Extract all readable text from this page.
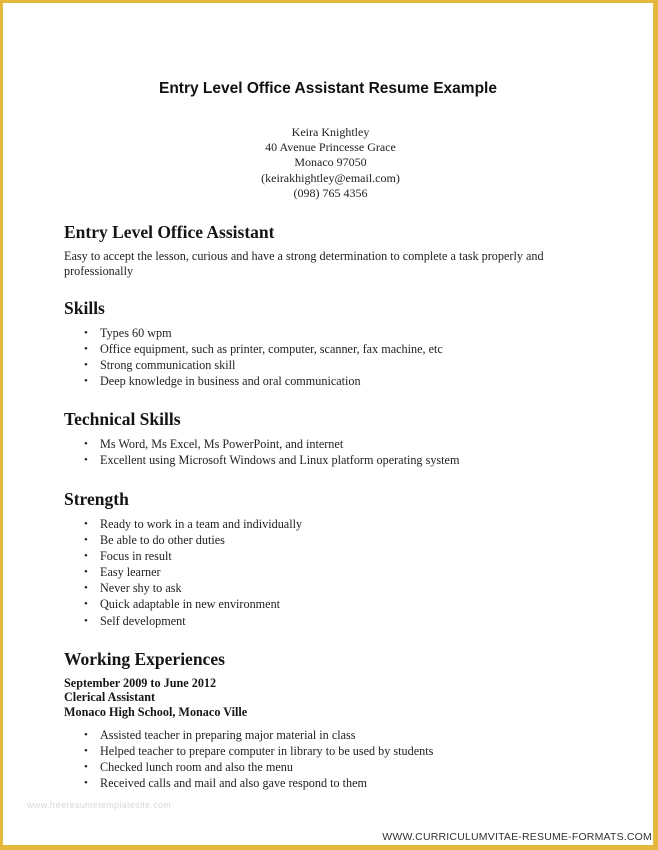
Entry Level Office Assistant Resume Example
Keira Knightley
40 Avenue Princesse Grace
Monaco 97050
(keirakhightley@email.com)
(098) 765 4356
Entry Level Office Assistant
Easy to accept the lesson, curious and have a strong determination to complete a task properly and professionally
Skills
• Types 60 wpm
• Office equipment, such as printer, computer, scanner, fax machine, etc
• Strong communication skill
• Deep knowledge in business and oral communication
Technical Skills
• Ms Word, Ms Excel, Ms PowerPoint, and internet
• Excellent using Microsoft Windows and Linux platform operating system
Strength
• Ready to work in a team and individually
• Be able to do other duties
• Focus in result
• Easy learner
• Never shy to ask
• Quick adaptable in new environment
• Self development
Working Experiences
September 2009 to June 2012
Clerical Assistant
Monaco High School, Monaco Ville
• Assisted teacher in preparing major material in class
• Helped teacher to prepare computer in library to be used by students
• Checked lunch room and also the menu
• Received calls and mail and also gave respond to them
www.freeresumetemplatesite.com
WWW.CURRICULUMVITAE-RESUME-FORMATS.COM
